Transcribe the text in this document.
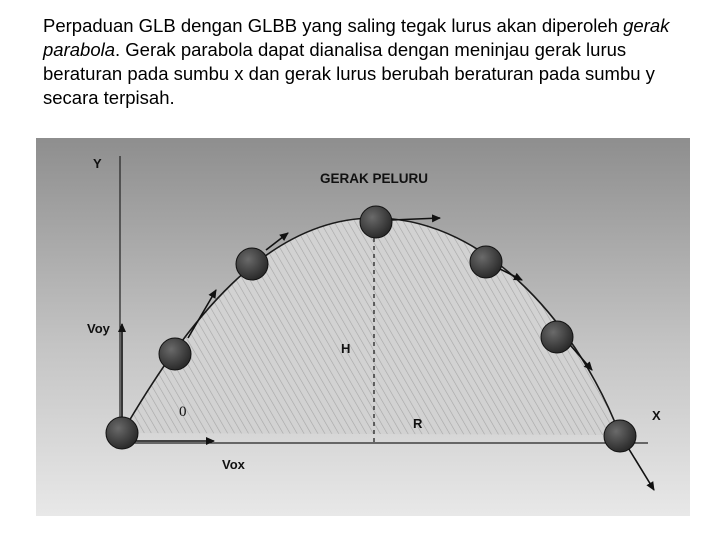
Perpaduan GLB dengan GLBB yang saling tegak lurus akan diperoleh gerak parabola. Gerak parabola dapat dianalisa dengan meninjau gerak lurus beraturan pada sumbu x dan gerak lurus berubah beraturan pada sumbu y secara terpisah.
GERAK PELURU
Y
X
Voy
Vox
H
R
0
